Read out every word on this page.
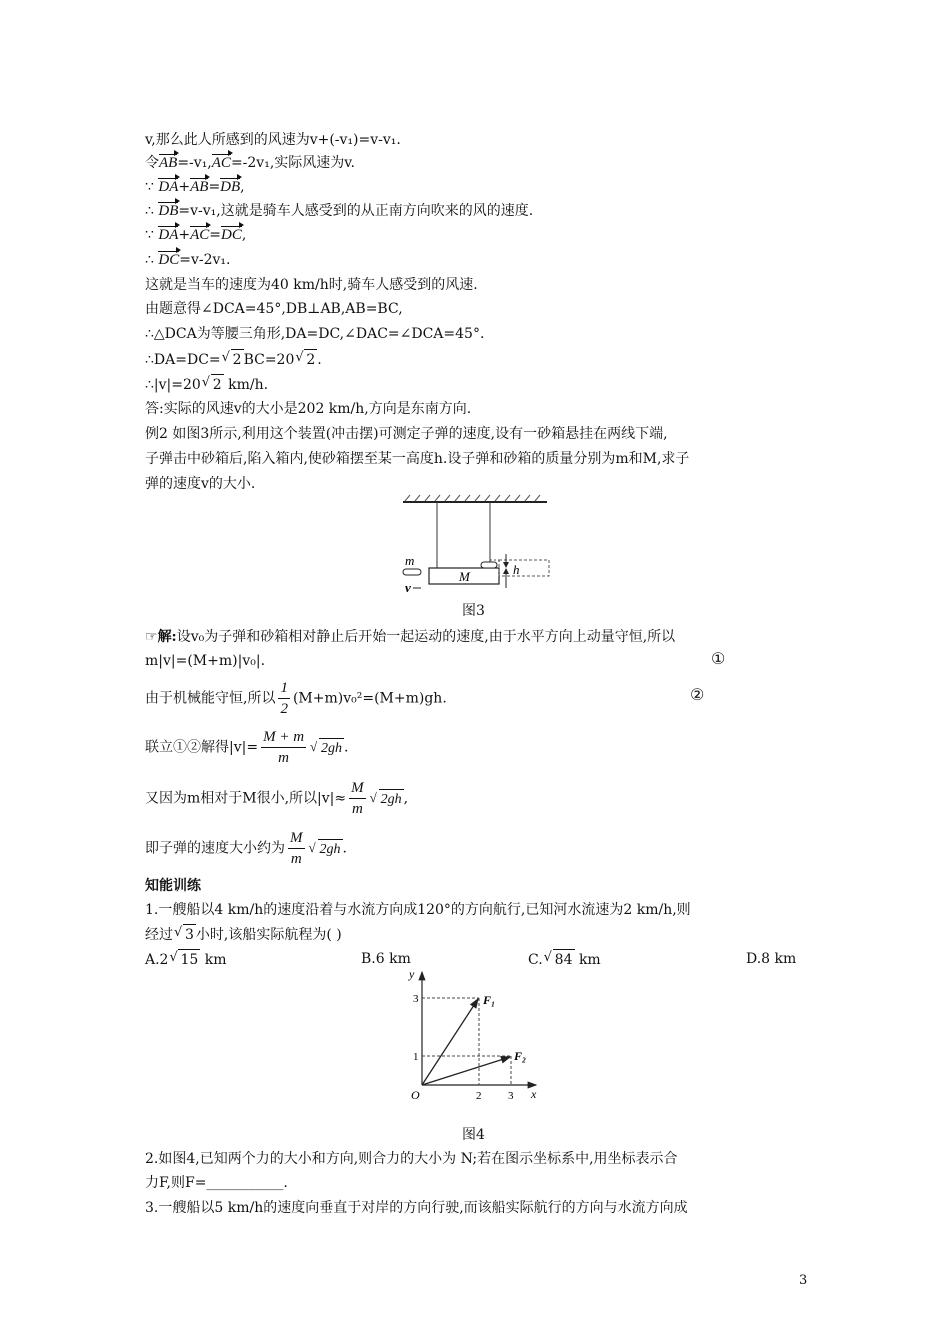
v,那么此人所感到的风速为v+(-v₁)=v-v₁.
令AB=-v₁,AC=-2v₁,实际风速为v.
∵ DA+AB=DB,
∴ DB=v-v₁,这就是骑车人感受到的从正南方向吹来的风的速度.
∵ DA+AC=DC,
∴ DC=v-2v₁.
这就是当车的速度为40 km/h时,骑车人感受到的风速.
由题意得∠DCA=45°,DB⊥AB,AB=BC,
∴△DCA为等腰三角形,DA=DC,∠DAC=∠DCA=45°.
∴DA=DC= √ 2 BC=20 √ 2 .
∴|v|=20 √ 2 km/h.
答:实际的风速v的大小是202 km/h,方向是东南方向.
例2 如图3所示,利用这个装置(冲击摆)可测定子弹的速度,设有一砂箱悬挂在两线下端,
子弹击中砂箱后,陷入箱内,使砂箱摆至某一高度h.设子弹和砂箱的质量分别为m和M,求子
弹的速度v的大小.
h
M
m
v
图3
☞解:设v₀为子弹和砂箱相对静止后开始一起运动的速度,由于水平方向上动量守恒,所以
m|v|=(M+m)|v₀|.	①
由于机械能守恒,所以 $\frac{1}{2} (M+m)v_0^2=(M+m)gh$.	②
联立①②解得$|v|= \frac{M + m}{m}$ √ 2gh .
又因为m相对于M很小,所以$|v|\approx \frac{M}{m}$ √ 2gh ,
即子弹的速度大小约为 $\frac{M}{m}$ √ 2gh .
知能训练
1.一艘船以4 km/h的速度沿着与水流方向成120°的方向航行,已知河水流速为2 km/h,则
经过 √ 3 小时,该船实际航程为( )
A.2 √ 15 km	B.6 km	C. √ 84 km	D.8 km
y
x
O
3
1
2 3
F₁
F₂
图4
2.如图4,已知两个力的大小和方向,则合力的大小为 N;若在图示坐标系中,用坐标表示合
力F,则F=___________.
3.一艘船以5 km/h的速度向垂直于对岸的方向行驶,而该船实际航行的方向与水流方向成
3
